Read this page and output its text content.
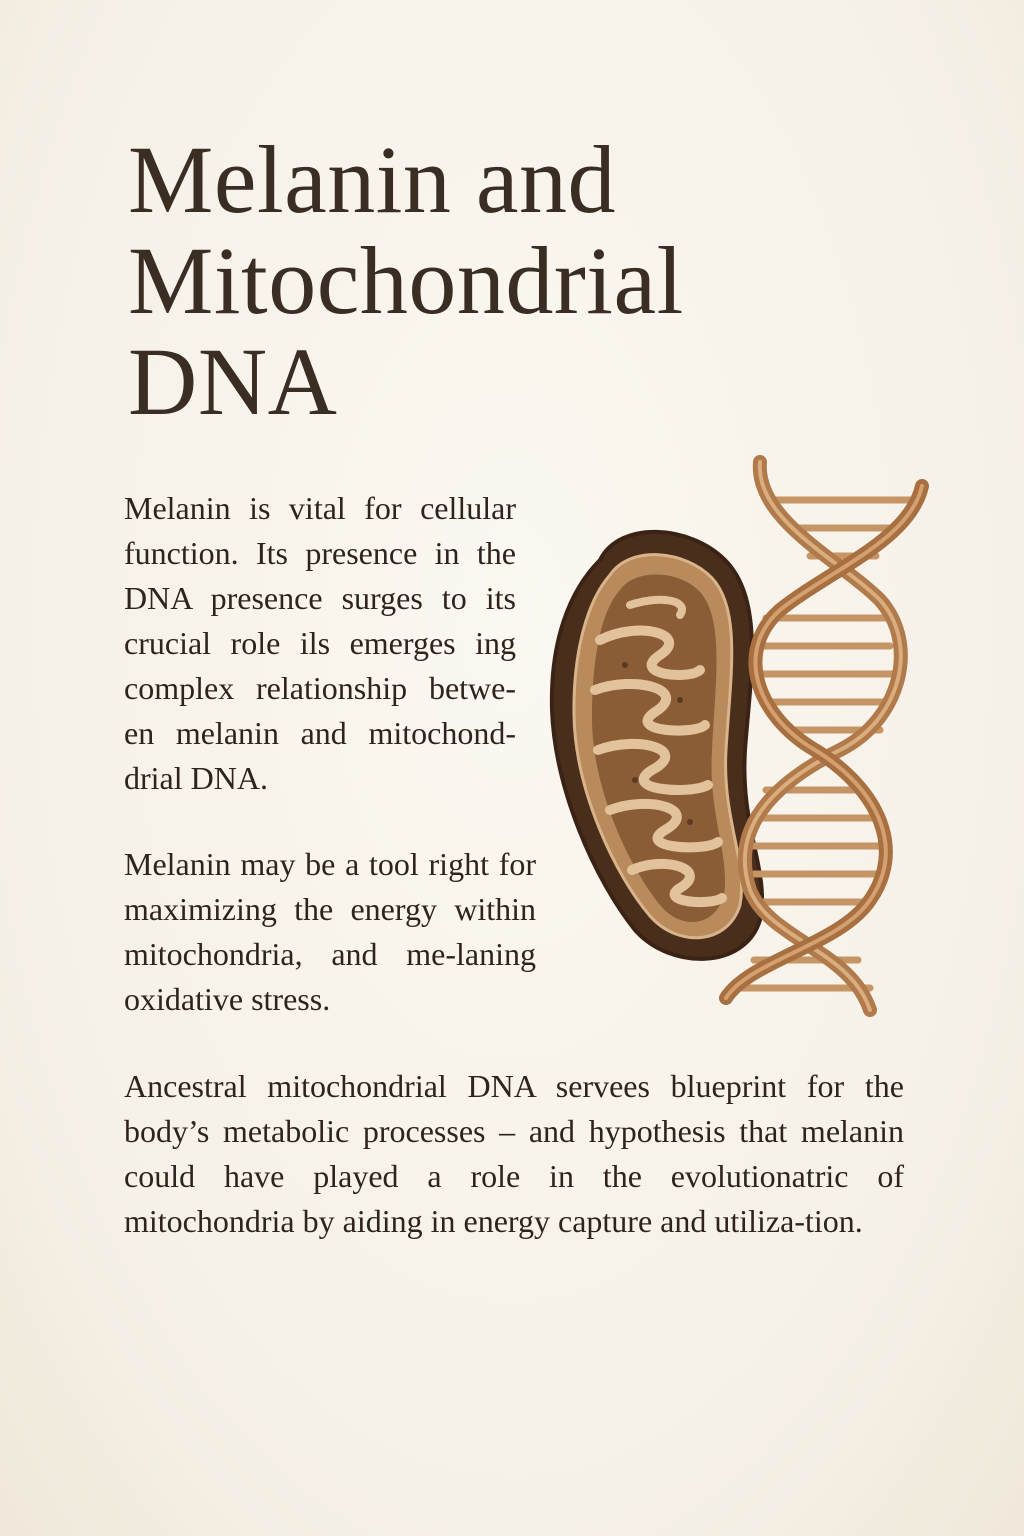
Melanin and
Mitochondrial
DNA

Melanin is vital for cellular function. Its presence in the DNA presence surges to its crucial role ils emerges ing complex relationship betwe-en melanin and mitochond-drial DNA.

Melanin may be a tool right for maximizing the energy within mitochondria, and me-laning oxidative stress.

Ancestral mitochondrial DNA servees blueprint for the body’s metabolic processes – and hypothesis that melanin could have played a role in the evolutionatric of mitochondria by aiding in energy capture and utiliza-tion.
